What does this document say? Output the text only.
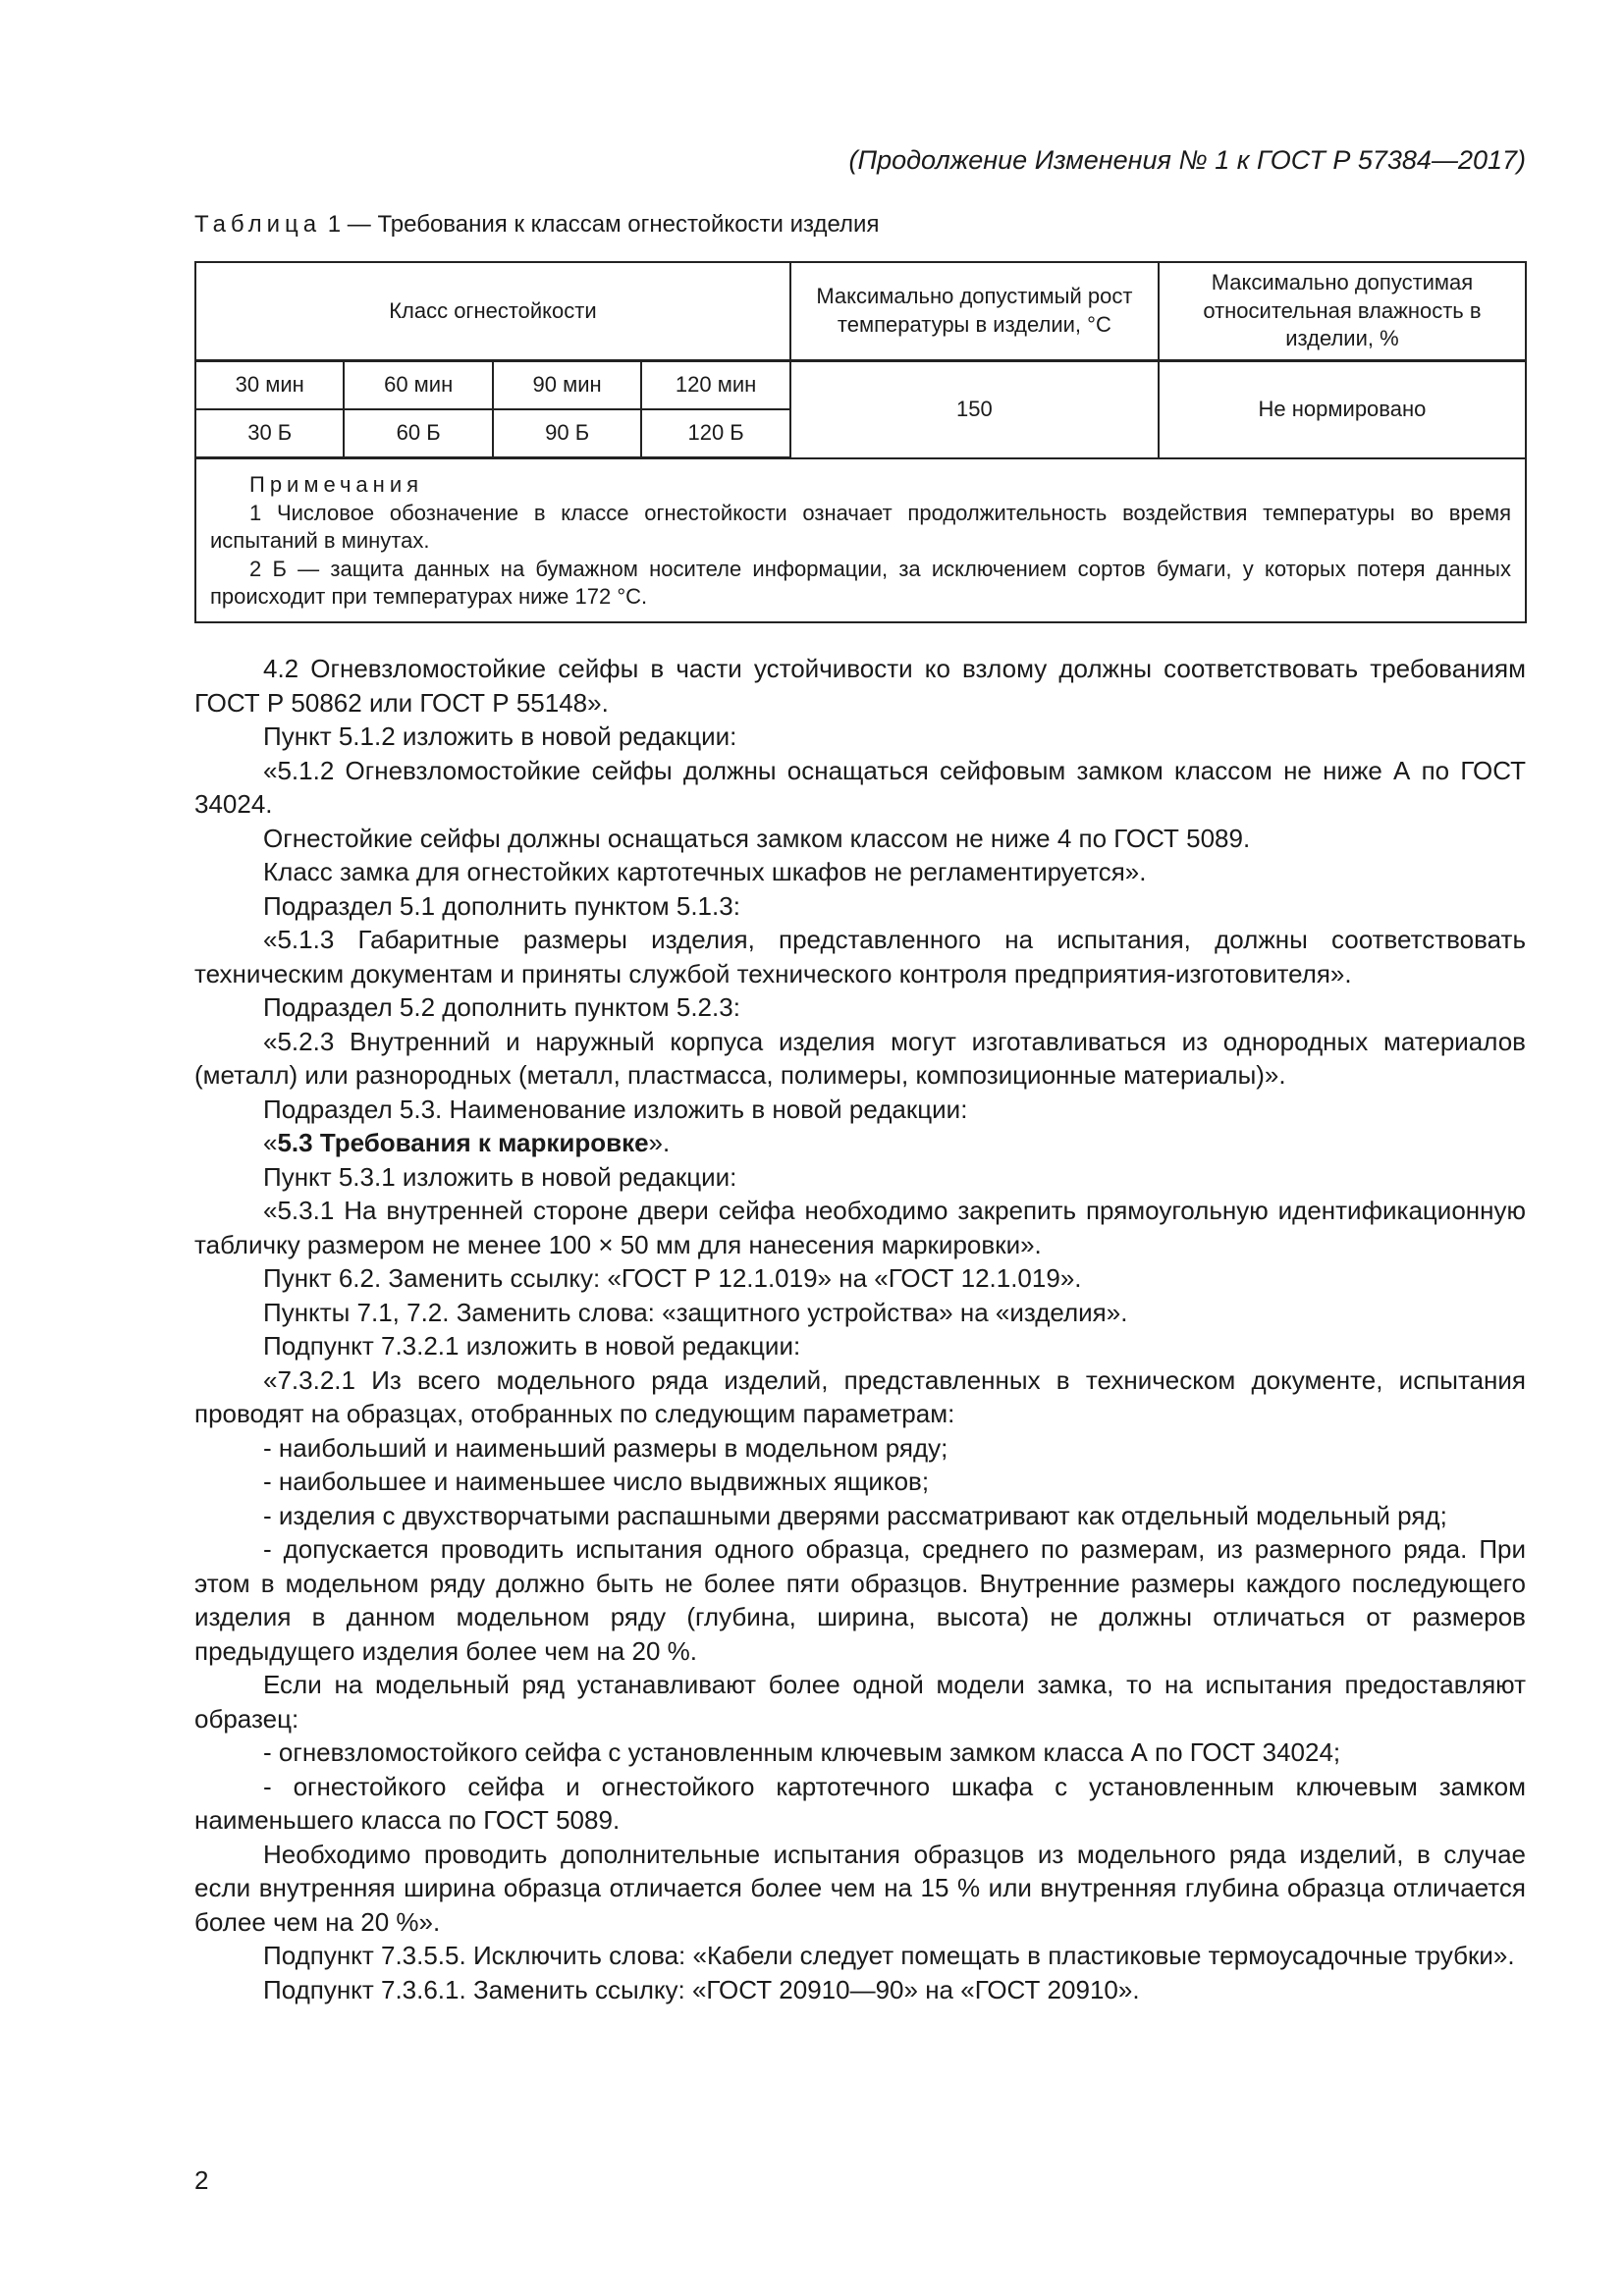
(Продолжение Изменения № 1 к ГОСТ Р 57384—2017)
Таблица 1 — Требования к классам огнестойкости изделия
Класс огнестойкости				Максимально допустимый рост температуры в изделии, °С	Максимально допустимая относительная влажность в изделии, %
30 мин	60 мин	90 мин	120 мин	150	Не нормировано
30 Б	60 Б	90 Б	120 Б		

Примечания
1 Числовое обозначение в классе огнестойкости означает продолжительность воздействия температуры во время испытаний в минутах.
2 Б — защита данных на бумажном носителе информации, за исключением сортов бумаги, у которых потеря данных происходит при температурах ниже 172 °С.					

4.2 Огневзломостойкие сейфы в части устойчивости ко взлому должны соответствовать требованиям ГОСТ Р 50862 или ГОСТ Р 55148».

Пункт 5.1.2 изложить в новой редакции:

«5.1.2 Огневзломостойкие сейфы должны оснащаться сейфовым замком классом не ниже А по ГОСТ 34024.

Огнестойкие сейфы должны оснащаться замком классом не ниже 4 по ГОСТ 5089.

Класс замка для огнестойких картотечных шкафов не регламентируется».

Подраздел 5.1 дополнить пунктом 5.1.3:

«5.1.3 Габаритные размеры изделия, представленного на испытания, должны соответствовать техническим документам и приняты службой технического контроля предприятия-изготовителя».

Подраздел 5.2 дополнить пунктом 5.2.3:

«5.2.3 Внутренний и наружный корпуса изделия могут изготавливаться из однородных материалов (металл) или разнородных (металл, пластмасса, полимеры, композиционные материалы)».

Подраздел 5.3. Наименование изложить в новой редакции:

«5.3 Требования к маркировке».

Пункт 5.3.1 изложить в новой редакции:

«5.3.1 На внутренней стороне двери сейфа необходимо закрепить прямоугольную идентификационную табличку размером не менее 100 × 50 мм для нанесения маркировки».

Пункт 6.2. Заменить ссылку: «ГОСТ Р 12.1.019» на «ГОСТ 12.1.019».

Пункты 7.1, 7.2. Заменить слова: «защитного устройства» на «изделия».

Подпункт 7.3.2.1 изложить в новой редакции:

«7.3.2.1 Из всего модельного ряда изделий, представленных в техническом документе, испытания проводят на образцах, отобранных по следующим параметрам:

- наибольший и наименьший размеры в модельном ряду;

- наибольшее и наименьшее число выдвижных ящиков;

- изделия с двухстворчатыми распашными дверями рассматривают как отдельный модельный ряд;

- допускается проводить испытания одного образца, среднего по размерам, из размерного ряда. При этом в модельном ряду должно быть не более пяти образцов. Внутренние размеры каждого последующего изделия в данном модельном ряду (глубина, ширина, высота) не должны отличаться от размеров предыдущего изделия более чем на 20 %.

Если на модельный ряд устанавливают более одной модели замка, то на испытания предоставляют образец:

- огневзломостойкого сейфа с установленным ключевым замком класса А по ГОСТ 34024;

- огнестойкого сейфа и огнестойкого картотечного шкафа с установленным ключевым замком наименьшего класса по ГОСТ 5089.

Необходимо проводить дополнительные испытания образцов из модельного ряда изделий, в случае если внутренняя ширина образца отличается более чем на 15 % или внутренняя глубина образца отличается более чем на 20 %».

Подпункт 7.3.5.5. Исключить слова: «Кабели следует помещать в пластиковые термоусадочные трубки».

Подпункт 7.3.6.1. Заменить ссылку: «ГОСТ 20910—90» на «ГОСТ 20910».

2
